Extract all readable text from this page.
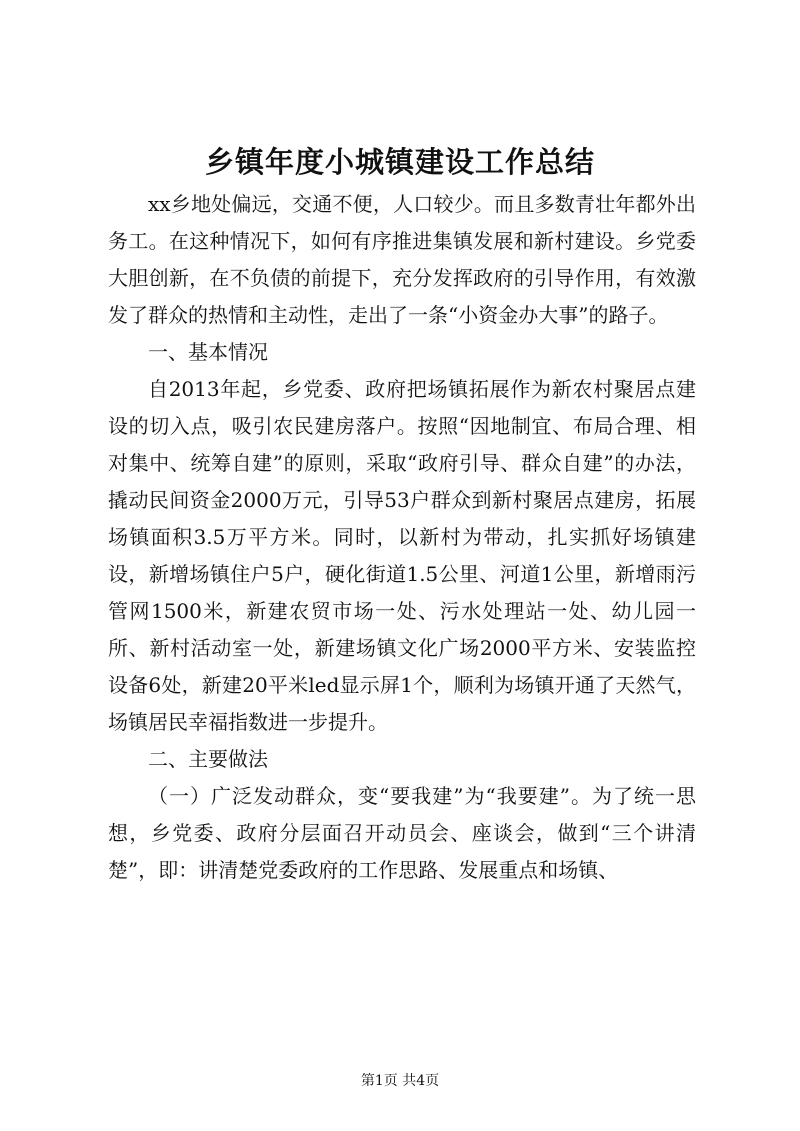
乡镇年度小城镇建设工作总结

xx乡地处偏远，交通不便，人口较少。而且多数青壮年都外出务工。在这种情况下，如何有序推进集镇发展和新村建设。乡党委大胆创新，在不负债的前提下，充分发挥政府的引导作用，有效激发了群众的热情和主动性，走出了一条“小资金办大事”的路子。

一、基本情况

自2013年起，乡党委、政府把场镇拓展作为新农村聚居点建设的切入点，吸引农民建房落户。按照“因地制宜、布局合理、相对集中、统筹自建”的原则，采取“政府引导、群众自建”的办法，撬动民间资金2000万元，引导53户群众到新村聚居点建房，拓展场镇面积3.5万平方米。同时，以新村为带动，扎实抓好场镇建设，新增场镇住户5户，硬化街道1.5公里、河道1公里，新增雨污管网1500米，新建农贸市场一处、污水处理站一处、幼儿园一所、新村活动室一处，新建场镇文化广场2000平方米、安装监控设备6处，新建20平米led显示屏1个，顺利为场镇开通了天然气，场镇居民幸福指数进一步提升。

二、主要做法

（一）广泛发动群众，变“要我建”为“我要建”。为了统一思想，乡党委、政府分层面召开动员会、座谈会，做到“三个讲清楚”，即：讲清楚党委政府的工作思路、发展重点和场镇、

第1页 共4页
